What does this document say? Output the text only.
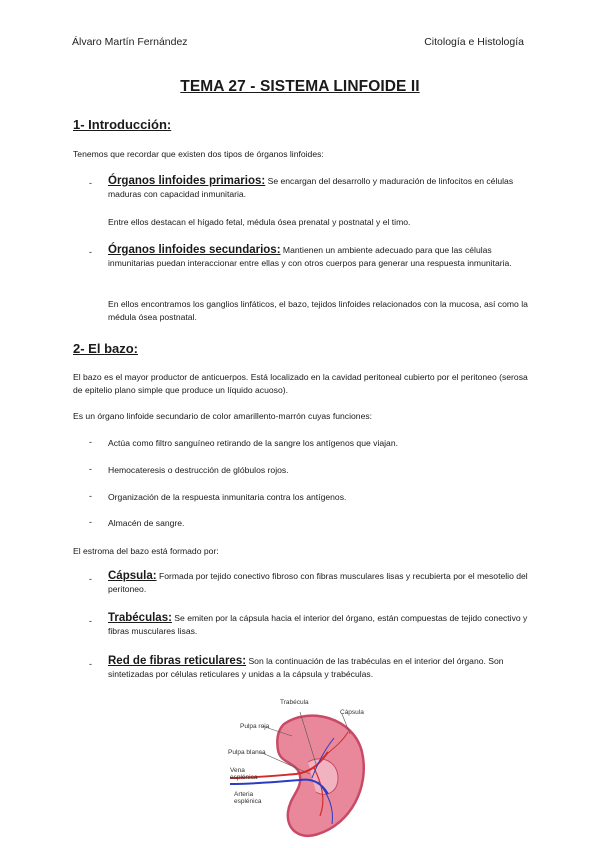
Álvaro Martín Fernández	Citología e Histología
TEMA 27 - SISTEMA LINFOIDE II
1- Introducción:
Tenemos que recordar que existen dos tipos de órganos linfoides:
- Órganos linfoides primarios: Se encargan del desarrollo y maduración de linfocitos en células maduras con capacidad inmunitaria.
Entre ellos destacan el hígado fetal, médula ósea prenatal y postnatal y el timo.
- Órganos linfoides secundarios: Mantienen un ambiente adecuado para que las células inmunitarias puedan interaccionar entre ellas y con otros cuerpos para generar una respuesta inmunitaria.
En ellos encontramos los ganglios linfáticos, el bazo, tejidos linfoides relacionados con la mucosa, así como la médula ósea postnatal.
2- El bazo:
El bazo es el mayor productor de anticuerpos. Está localizado en la cavidad peritoneal cubierto por el peritoneo (serosa de epitelio plano simple que produce un líquido acuoso).
Es un órgano linfoide secundario de color amarillento-marrón cuyas funciones:
- Actúa como filtro sanguíneo retirando de la sangre los antígenos que viajan.
- Hemocateresis o destrucción de glóbulos rojos.
- Organización de la respuesta inmunitaria contra los antígenos.
- Almacén de sangre.
El estroma del bazo está formado por:
- Cápsula: Formada por tejido conectivo fibroso con fibras musculares lisas y recubierta por el mesotelio del peritoneo.
- Trabéculas: Se emiten por la cápsula hacia el interior del órgano, están compuestas de tejido conectivo y fibras musculares lisas.
- Red de fibras reticulares: Son la continuación de las trabéculas en el interior del órgano. Son sintetizadas por células reticulares y unidas a la cápsula y trabéculas.
Trabécula
Cápsula
Pulpa roja
Pulpa blanca
Vena
esplénica
Arteria
esplénica
